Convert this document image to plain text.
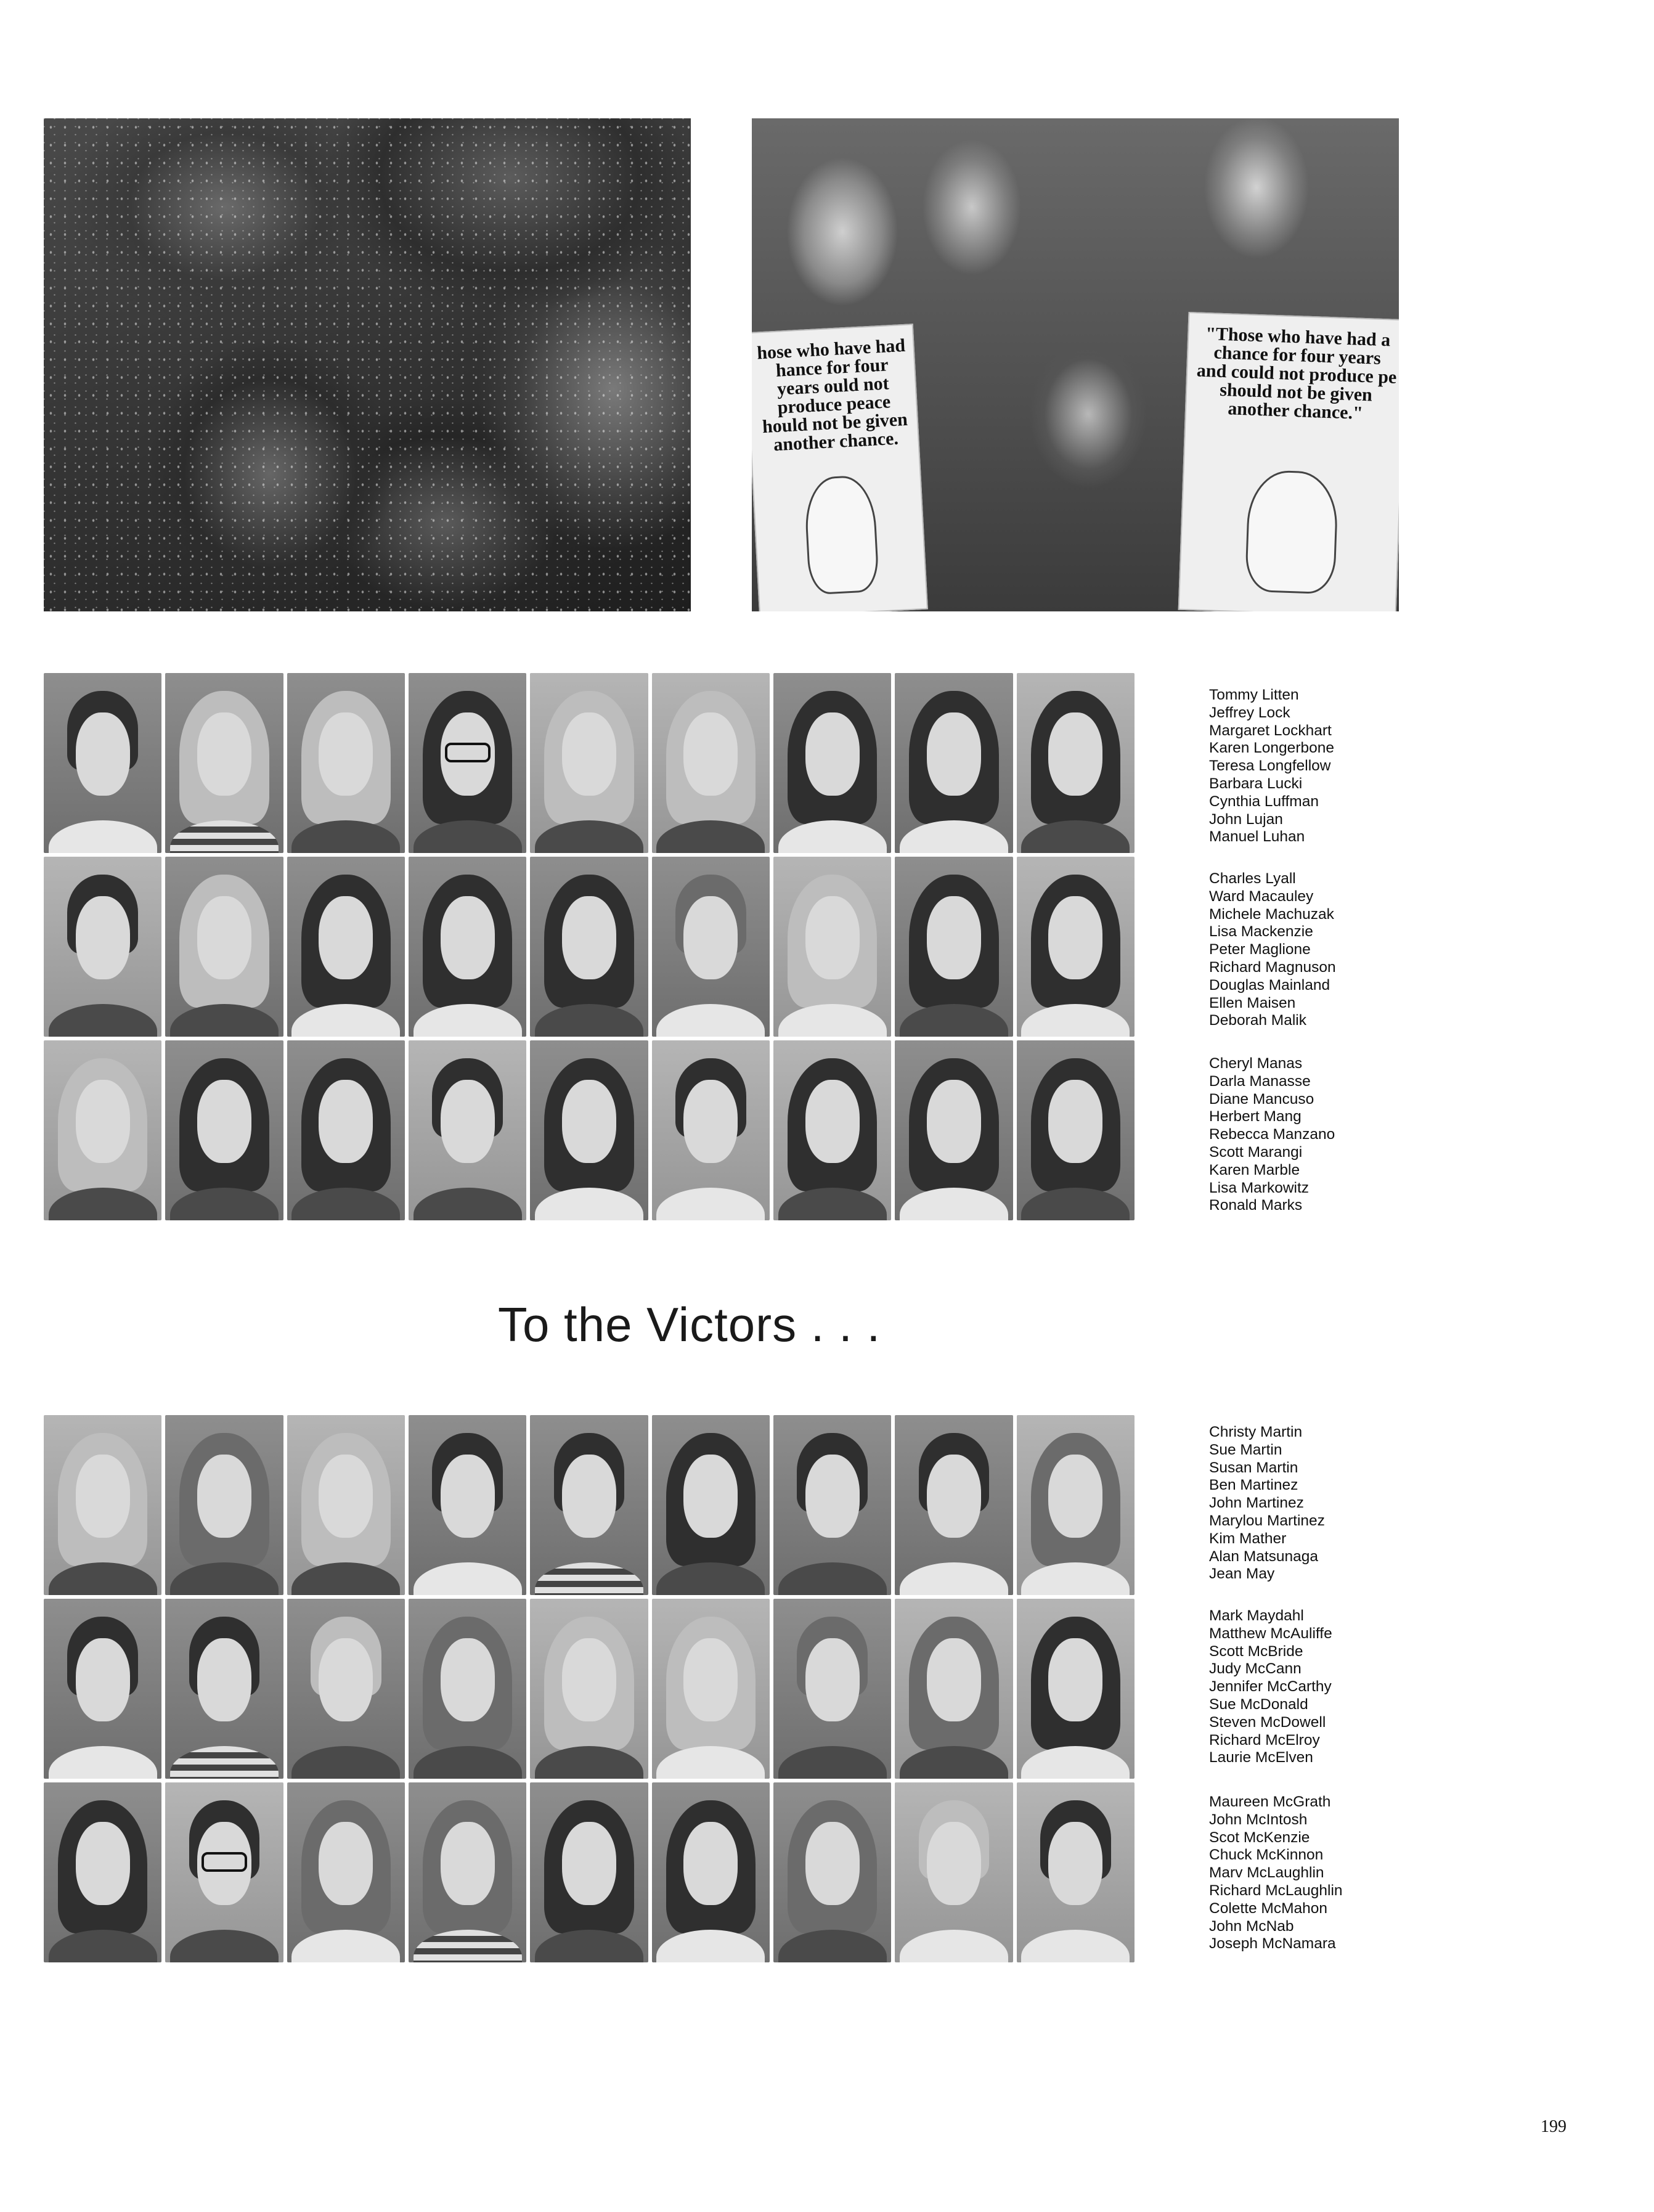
hose who have had hance for four years ould not produce peace hould not be given another chance.
"Those who have had a chance for four years and could not produce pe should not be given another chance."
Tommy Litten
Jeffrey Lock
Margaret Lockhart
Karen Longerbone
Teresa Longfellow
Barbara Lucki
Cynthia Luffman
John Lujan
Manuel Luhan
Charles Lyall
Ward Macauley
Michele Machuzak
Lisa Mackenzie
Peter Maglione
Richard Magnuson
Douglas Mainland
Ellen Maisen
Deborah Malik
Cheryl Manas
Darla Manasse
Diane Mancuso
Herbert Mang
Rebecca Manzano
Scott Marangi
Karen Marble
Lisa Markowitz
Ronald Marks
To the Victors . . .
Christy Martin
Sue Martin
Susan Martin
Ben Martinez
John Martinez
Marylou Martinez
Kim Mather
Alan Matsunaga
Jean May
Mark Maydahl
Matthew McAuliffe
Scott McBride
Judy McCann
Jennifer McCarthy
Sue McDonald
Steven McDowell
Richard McElroy
Laurie McElven
Maureen McGrath
John McIntosh
Scot McKenzie
Chuck McKinnon
Marv McLaughlin
Richard McLaughlin
Colette McMahon
John McNab
Joseph McNamara
199
